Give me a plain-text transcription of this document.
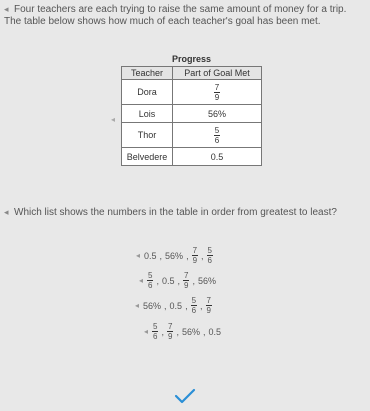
◂ Four teachers are each trying to raise the same amount of money for a trip. The table below shows how much of each teacher's goal has been met.
Progress
Teacher	Part of Goal Met
Dora	$\frac{7}{9}$

Lois	56%
Thor	$\frac{5}{6}$

Belvedere	0.5
◂
◂ Which list shows the numbers in the table in order from greatest to least?
◂ 0.5 , 56% , $\frac{7}{9}$ , $\frac{5}{6}$
◂ $\frac{5}{6}$ , 0.5 , $\frac{7}{9}$ , 56%
◂ 56% , 0.5 , $\frac{5}{6}$ , $\frac{7}{9}$
◂ $\frac{5}{6}$ , $\frac{7}{9}$ , 56% , 0.5
